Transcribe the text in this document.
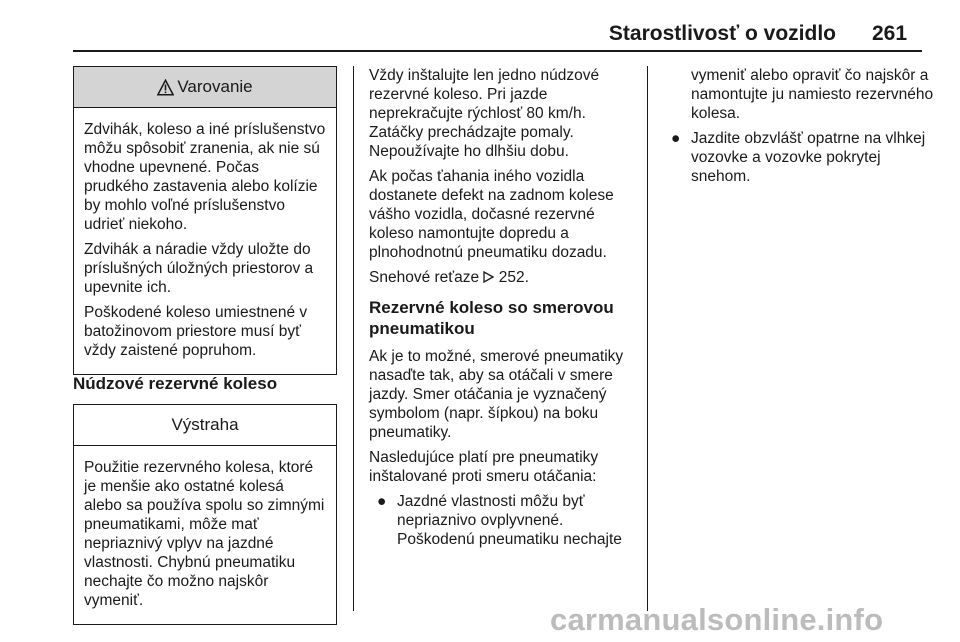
Starostlivosť o vozidlo 261
Varovanie

Zdvihák, koleso a iné príslušenstvo môžu spôsobiť zranenia, ak nie sú vhodne upevnené. Počas prudkého zastavenia alebo kolízie by mohlo voľné príslušenstvo udrieť niekoho.

Zdvihák a náradie vždy uložte do príslušných úložných priestorov a upevnite ich.

Poškodené koleso umiestnené v batožinovom priestore musí byť vždy zaistené popruhom.

Núdzové rezervné koleso
Výstraha

Použitie rezervného kolesa, ktoré je menšie ako ostatné kolesá alebo sa používa spolu so zimnými pneumatikami, môže mať nepriaznivý vplyv na jazdné vlastnosti. Chybnú pneumatiku nechajte čo možno najskôr vymeniť.

Vždy inštalujte len jedno núdzové rezervné koleso. Pri jazde neprekračujte rýchlosť 80 km/h. Zatáčky prechádzajte pomaly. Nepoužívajte ho dlhšiu dobu.

Ak počas ťahania iného vozidla dostanete defekt na zadnom kolese vášho vozidla, dočasné rezervné koleso namontujte dopredu a plnohodnotnú pneumatiku dozadu.

Snehové reťaze 252.

Rezervné koleso so smerovou pneumatikou

Ak je to možné, smerové pneumatiky nasaďte tak, aby sa otáčali v smere jazdy. Smer otáčania je vyznačený symbolom (napr. šípkou) na boku pneumatiky.

Nasledujúce platí pre pneumatiky inštalované proti smeru otáčania:

● Jazdné vlastnosti môžu byť nepriaznivo ovplyvnené. Poškodenú pneumatiku nechajte

vymeniť alebo opraviť čo najskôr a namontujte ju namiesto rezervného kolesa.

● Jazdite obzvlášť opatrne na vlhkej vozovke a vozovke pokrytej snehom.
carmanualsonline.info
